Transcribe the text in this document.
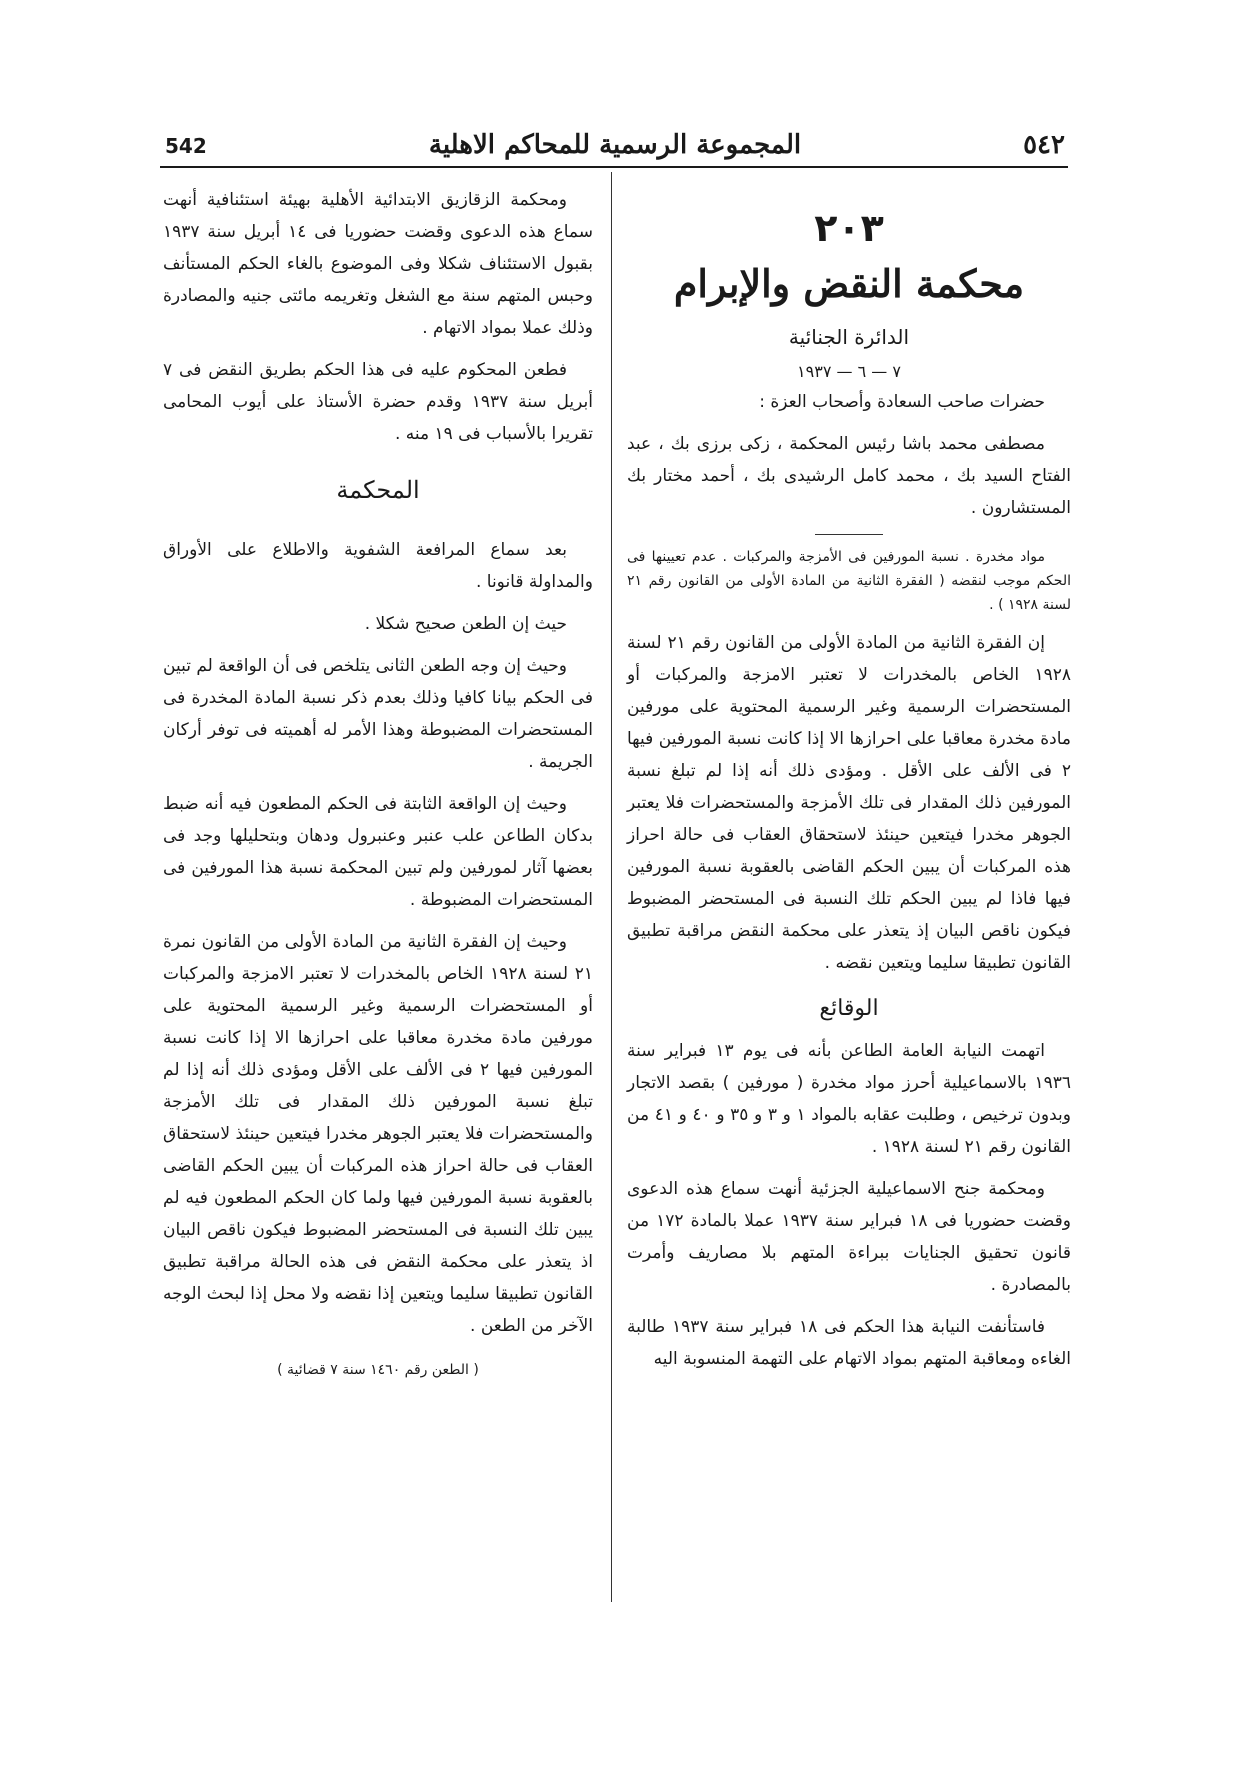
٥٤٢
المجموعة الرسمية للمحاكم الاهلية
542
٢٠٣
محكمة النقض والإبرام
الدائرة الجنائية
٧ — ٦ — ١٩٣٧

حضرات صاحب السعادة وأصحاب العزة :

مصطفى محمد باشا رئيس المحكمة ، زكى برزى بك ، عبد الفتاح السيد بك ، محمد كامل الرشيدى بك ، أحمد مختار بك المستشارون .

مواد مخدرة . نسبة المورفين فى الأمزجة والمركبات . عدم تعيينها فى الحكم موجب لنقضه ( الفقرة الثانية من المادة الأولى من القانون رقم ٢١ لسنة ١٩٢٨ ) .

إن الفقرة الثانية من المادة الأولى من القانون رقم ٢١ لسنة ١٩٢٨ الخاص بالمخدرات لا تعتبر الامزجة والمركبات أو المستحضرات الرسمية وغير الرسمية المحتوية على مورفين مادة مخدرة معاقبا على احرازها الا إذا كانت نسبة المورفين فيها ٢ فى الألف على الأقل . ومؤدى ذلك أنه إذا لم تبلغ نسبة المورفين ذلك المقدار فى تلك الأمزجة والمستحضرات فلا يعتبر الجوهر مخدرا فيتعين حينئذ لاستحقاق العقاب فى حالة احراز هذه المركبات أن يبين الحكم القاضى بالعقوبة نسبة المورفين فيها فاذا لم يبين الحكم تلك النسبة فى المستحضر المضبوط فيكون ناقص البيان إذ يتعذر على محكمة النقض مراقبة تطبيق القانون تطبيقا سليما ويتعين نقضه .

الوقائع

اتهمت النيابة العامة الطاعن بأنه فى يوم ١٣ فبراير سنة ١٩٣٦ بالاسماعيلية أحرز مواد مخدرة ( مورفين ) بقصد الاتجار وبدون ترخيص ، وطلبت عقابه بالمواد ١ و ٣ و ٣٥ و ٤٠ و ٤١ من القانون رقم ٢١ لسنة ١٩٢٨ .

ومحكمة جنح الاسماعيلية الجزئية أنهت سماع هذه الدعوى وقضت حضوريا فى ١٨ فبراير سنة ١٩٣٧ عملا بالمادة ١٧٢ من قانون تحقيق الجنايات ببراءة المتهم بلا مصاريف وأمرت بالمصادرة .

فاستأنفت النيابة هذا الحكم فى ١٨ فبراير سنة ١٩٣٧ طالبة الغاءه ومعاقبة المتهم بمواد الاتهام على التهمة المنسوبة اليه

ومحكمة الزقازيق الابتدائية الأهلية بهيئة استئنافية أنهت سماع هذه الدعوى وقضت حضوريا فى ١٤ أبريل سنة ١٩٣٧ بقبول الاستئناف شكلا وفى الموضوع بالغاء الحكم المستأنف وحبس المتهم سنة مع الشغل وتغريمه مائتى جنيه والمصادرة وذلك عملا بمواد الاتهام .

فطعن المحكوم عليه فى هذا الحكم بطريق النقض فى ٧ أبريل سنة ١٩٣٧ وقدم حضرة الأستاذ على أيوب المحامى تقريرا بالأسباب فى ١٩ منه .

المحكمة

بعد سماع المرافعة الشفوية والاطلاع على الأوراق والمداولة قانونا .

حيث إن الطعن صحيح شكلا .

وحيث إن وجه الطعن الثانى يتلخص فى أن الواقعة لم تبين فى الحكم بيانا كافيا وذلك بعدم ذكر نسبة المادة المخدرة فى المستحضرات المضبوطة وهذا الأمر له أهميته فى توفر أركان الجريمة .

وحيث إن الواقعة الثابتة فى الحكم المطعون فيه أنه ضبط بدكان الطاعن علب عنبر وعنبرول ودهان وبتحليلها وجد فى بعضها آثار لمورفين ولم تبين المحكمة نسبة هذا المورفين فى المستحضرات المضبوطة .

وحيث إن الفقرة الثانية من المادة الأولى من القانون نمرة ٢١ لسنة ١٩٢٨ الخاص بالمخدرات لا تعتبر الامزجة والمركبات أو المستحضرات الرسمية وغير الرسمية المحتوية على مورفين مادة مخدرة معاقبا على احرازها الا إذا كانت نسبة المورفين فيها ٢ فى الألف على الأقل ومؤدى ذلك أنه إذا لم تبلغ نسبة المورفين ذلك المقدار فى تلك الأمزجة والمستحضرات فلا يعتبر الجوهر مخدرا فيتعين حينئذ لاستحقاق العقاب فى حالة احراز هذه المركبات أن يبين الحكم القاضى بالعقوبة نسبة المورفين فيها ولما كان الحكم المطعون فيه لم يبين تلك النسبة فى المستحضر المضبوط فيكون ناقص البيان اذ يتعذر على محكمة النقض فى هذه الحالة مراقبة تطبيق القانون تطبيقا سليما ويتعين إذا نقضه ولا محل إذا لبحث الوجه الآخر من الطعن .

( الطعن رقم ١٤٦٠ سنة ٧ قضائية )
